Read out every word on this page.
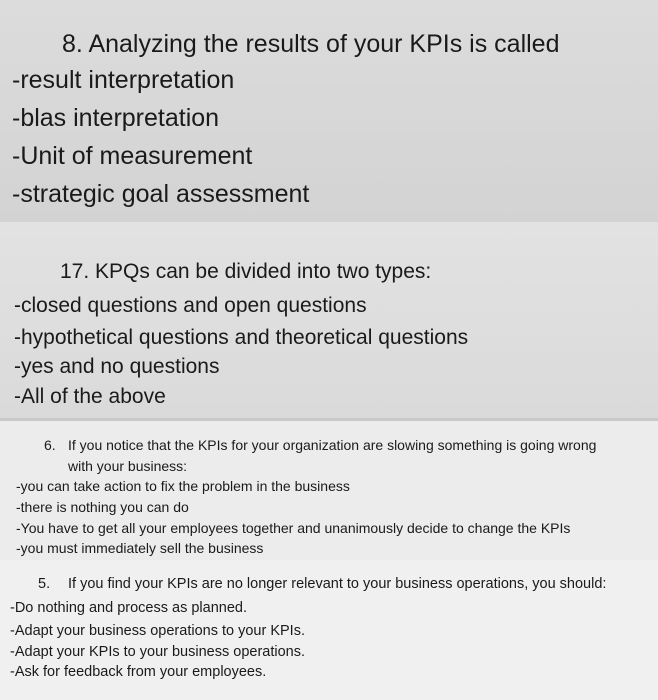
8. Analyzing the results of your KPIs is called
-result interpretation
-blas interpretation
-Unit of measurement
-strategic goal assessment
17. KPQs can be divided into two types:
-closed questions and open questions
-hypothetical questions and theoretical questions
-yes and no questions
-All of the above
6. If you notice that the KPIs for your organization are slowing something is going wrong
with your business:
-you can take action to fix the problem in the business
-there is nothing you can do
-You have to get all your employees together and unanimously decide to change the KPIs
-you must immediately sell the business
5. If you find your KPIs are no longer relevant to your business operations, you should:
-Do nothing and process as planned.
-Adapt your business operations to your KPIs.
-Adapt your KPIs to your business operations.
-Ask for feedback from your employees.
